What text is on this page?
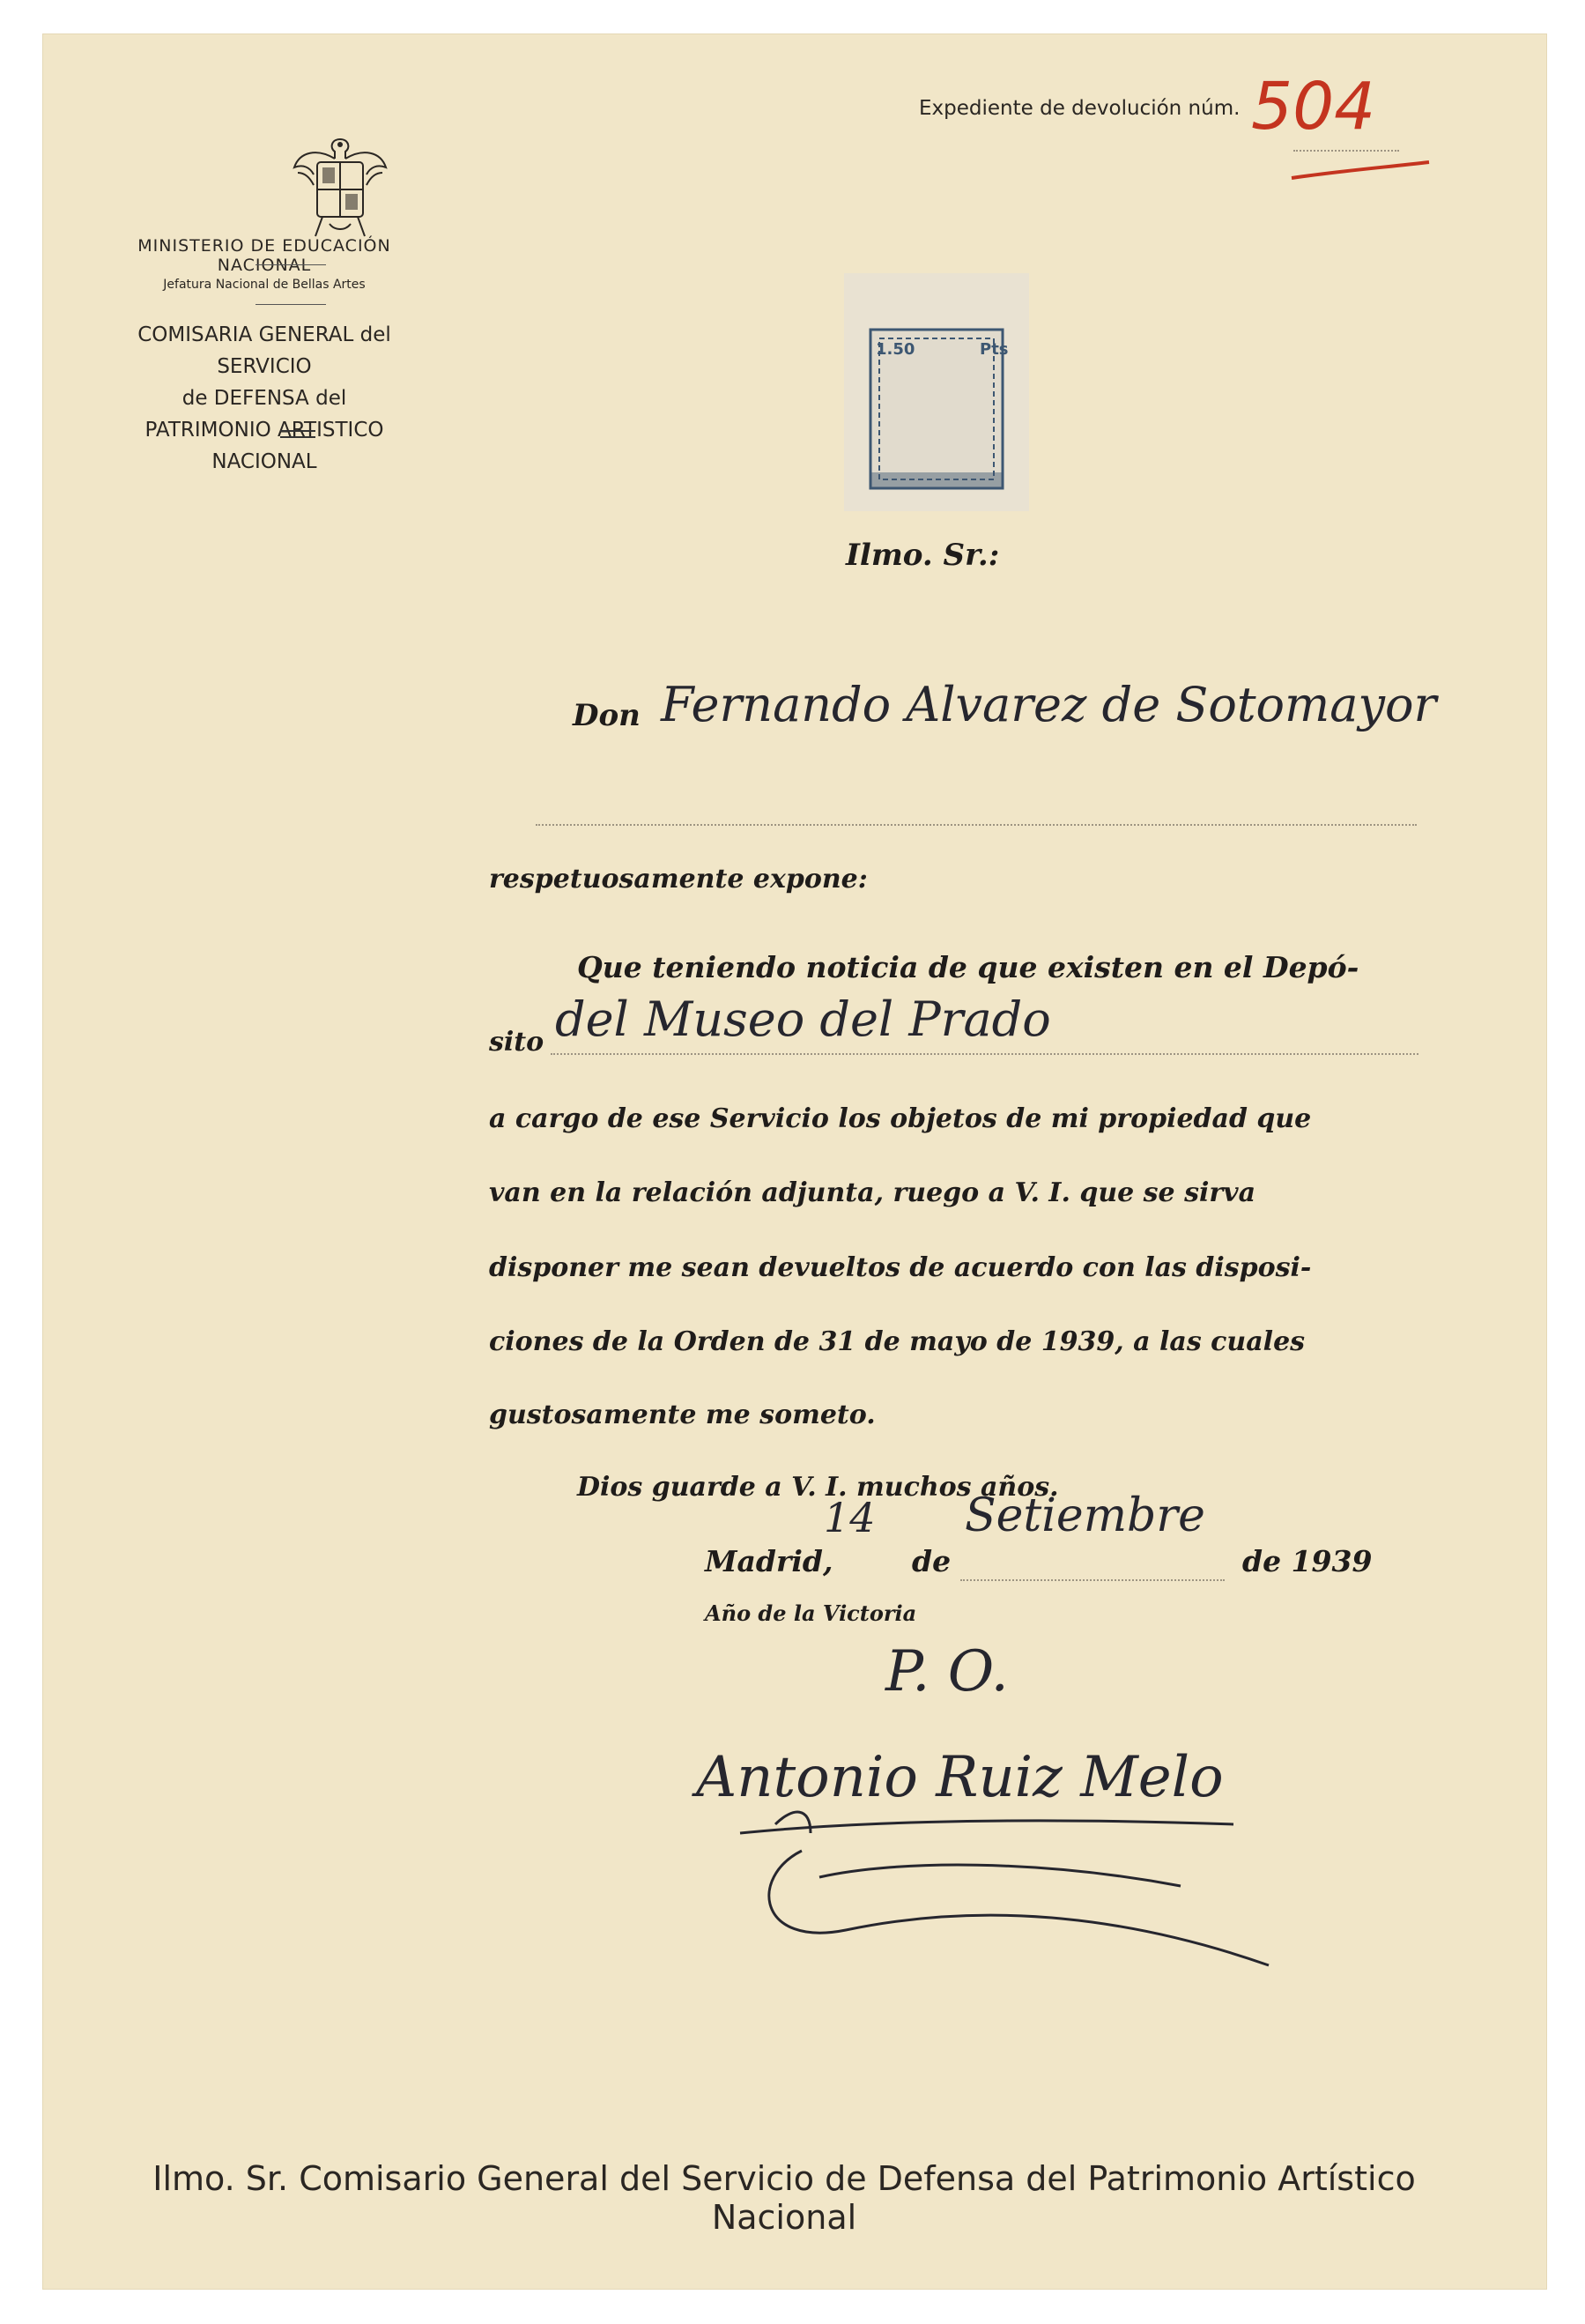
MINISTERIO DE EDUCACIÓN NACIONAL
Jefatura Nacional de Bellas Artes
COMISARIA GENERAL del SERVICIO
de DEFENSA del
PATRIMONIO ARTISTICO NACIONAL
Expediente de devolución núm. 504
1.50	Pts
Ilmo. Sr.:
Don Fernando Alvarez de Sotomayor
respetuosamente expone:
Que teniendo noticia de que existen en el Depó-
sito del Museo del Prado
a cargo de ese Servicio los objetos de mi propiedad que
van en la relación adjunta, ruego a V. I. que se sirva
disponer me sean devueltos de acuerdo con las disposi-
ciones de la Orden de 31 de mayo de 1939, a las cuales
gustosamente me someto.
Dios guarde a V. I. muchos años.
Madrid,
14
de
Setiembre
de 1939
Año de la Victoria
P. O.
Antonio Ruiz Melo
Ilmo. Sr. Comisario General del Servicio de Defensa del Patrimonio Artístico Nacional
